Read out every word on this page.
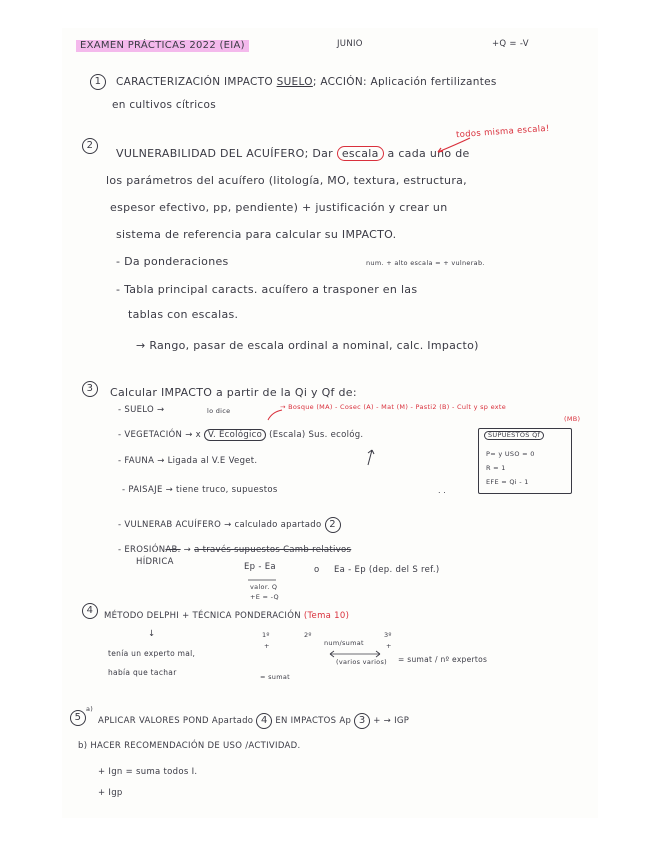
EXAMEN PRÁCTICAS 2022 (EIA)	JUNIO	+Q = -V
1	CARACTERIZACIÓN IMPACTO SUELO; ACCIÓN: Aplicación fertilizantes
en cultivos cítricos
todos misma escala!
2
VULNERABILIDAD DEL ACUÍFERO; Dar escala a cada uno de
los parámetros del acuífero (litología, MO, textura, estructura,
espesor efectivo, pp, pendiente) + justificación y crear un
sistema de referencia para calcular su IMPACTO.
- Da ponderaciones	num. + alto escala = + vulnerab.
- Tabla principal caracts. acuífero a trasponer en las
tablas con escalas.
→ Rango, pasar de escala ordinal a nominal, calc. Impacto)
3	Calcular IMPACTO a partir de la Qi y Qf de:
- SUELO →	lo dice	→ Bosque (MA) - Cosec (A) - Mat (M) - Pasti2 (B) - Cult y sp exte
(MB)
- VEGETACIÓN → x V. Ecológico (Escala) Sus. ecológ.
- FAUNA → Ligada al V.E Veget.
- PAISAJE → tiene truco, supuestos
- VULNERAB ACUÍFERO → calculado apartado 2
- EROSIÓNAB. → a través supuestos Camb relativos
HÍDRICA	Ep - Ea	o Ea - Ep (dep. del S ref.)
valor. Q
+E = -Q
SUPUESTOS Qf
P= y USO = 0
R = 1
EFE = Qi - 1
4	MÉTODO DELPHI + TÉCNICA PONDERACIÓN (Tema 10)
↓
tenía un experto mal,
había que tachar
1º
+
2º
num/sumat
3º
+
(varios varios) = sumat / nº expertos
= sumat
5
a)
APLICAR VALORES POND Apartado 4 EN IMPACTOS Ap 3 + → IGP
b) HACER RECOMENDACIÓN DE USO /ACTIVIDAD.
+ Ign = suma todos I.
+ Igp
. .
